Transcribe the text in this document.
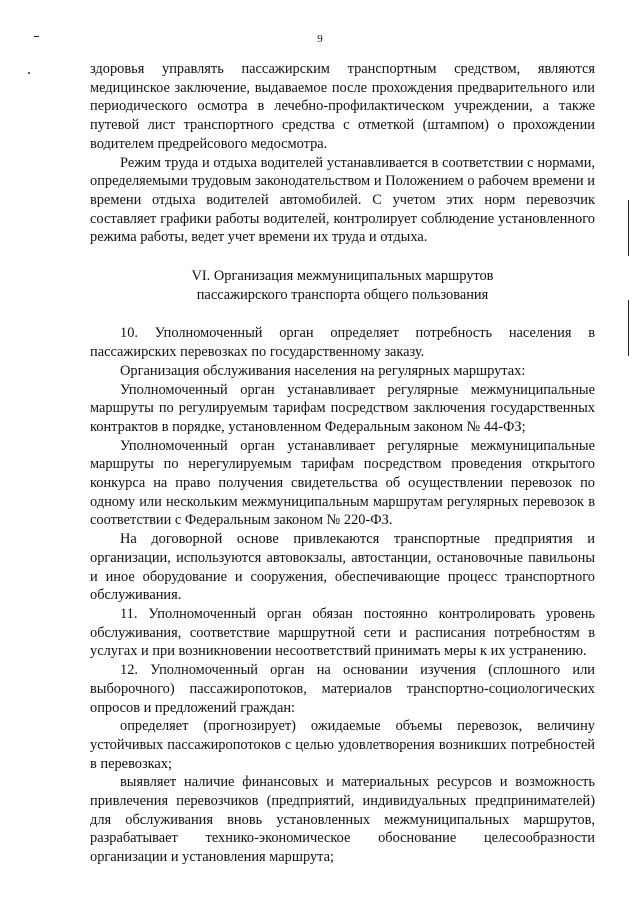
9

здоровья управлять пассажирским транспортным средством, являются медицинское заключение, выдаваемое после прохождения предварительного или периодического осмотра в лечебно-профилактическом учреждении, а также путевой лист транспортного средства с отметкой (штампом) о прохождении водителем предрейсового медосмотра.

Режим труда и отдыха водителей устанавливается в соответствии с нормами, определяемыми трудовым законодательством и Положением о рабочем времени и времени отдыха водителей автомобилей. С учетом этих норм перевозчик составляет графики работы водителей, контролирует соблюдение установленного режима работы, ведет учет времени их труда и отдыха.

VI. Организация межмуниципальных маршрутов
пассажирского транспорта общего пользования

10. Уполномоченный орган определяет потребность населения в пассажирских перевозках по государственному заказу.

Организация обслуживания населения на регулярных маршрутах:

Уполномоченный орган устанавливает регулярные межмуниципальные маршруты по регулируемым тарифам посредством заключения государственных контрактов в порядке, установленном Федеральным законом № 44-ФЗ;

Уполномоченный орган устанавливает регулярные межмуниципальные маршруты по нерегулируемым тарифам посредством проведения открытого конкурса на право получения свидетельства об осуществлении перевозок по одному или нескольким межмуниципальным маршрутам регулярных перевозок в соответствии с Федеральным законом № 220-ФЗ.

На договорной основе привлекаются транспортные предприятия и организации, используются автовокзалы, автостанции, остановочные павильоны и иное оборудование и сооружения, обеспечивающие процесс транспортного обслуживания.

11. Уполномоченный орган обязан постоянно контролировать уровень обслуживания, соответствие маршрутной сети и расписания потребностям в услугах и при возникновении несоответствий принимать меры к их устранению.

12. Уполномоченный орган на основании изучения (сплошного или выборочного) пассажиропотоков, материалов транспортно-социологических опросов и предложений граждан:

определяет (прогнозирует) ожидаемые объемы перевозок, величину устойчивых пассажиропотоков с целью удовлетворения возникших потребностей в перевозках;

выявляет наличие финансовых и материальных ресурсов и возможность привлечения перевозчиков (предприятий, индивидуальных предпринимателей) для обслуживания вновь установленных межмуниципальных маршрутов, разрабатывает технико-экономическое обоснование целесообразности организации и установления маршрута;
